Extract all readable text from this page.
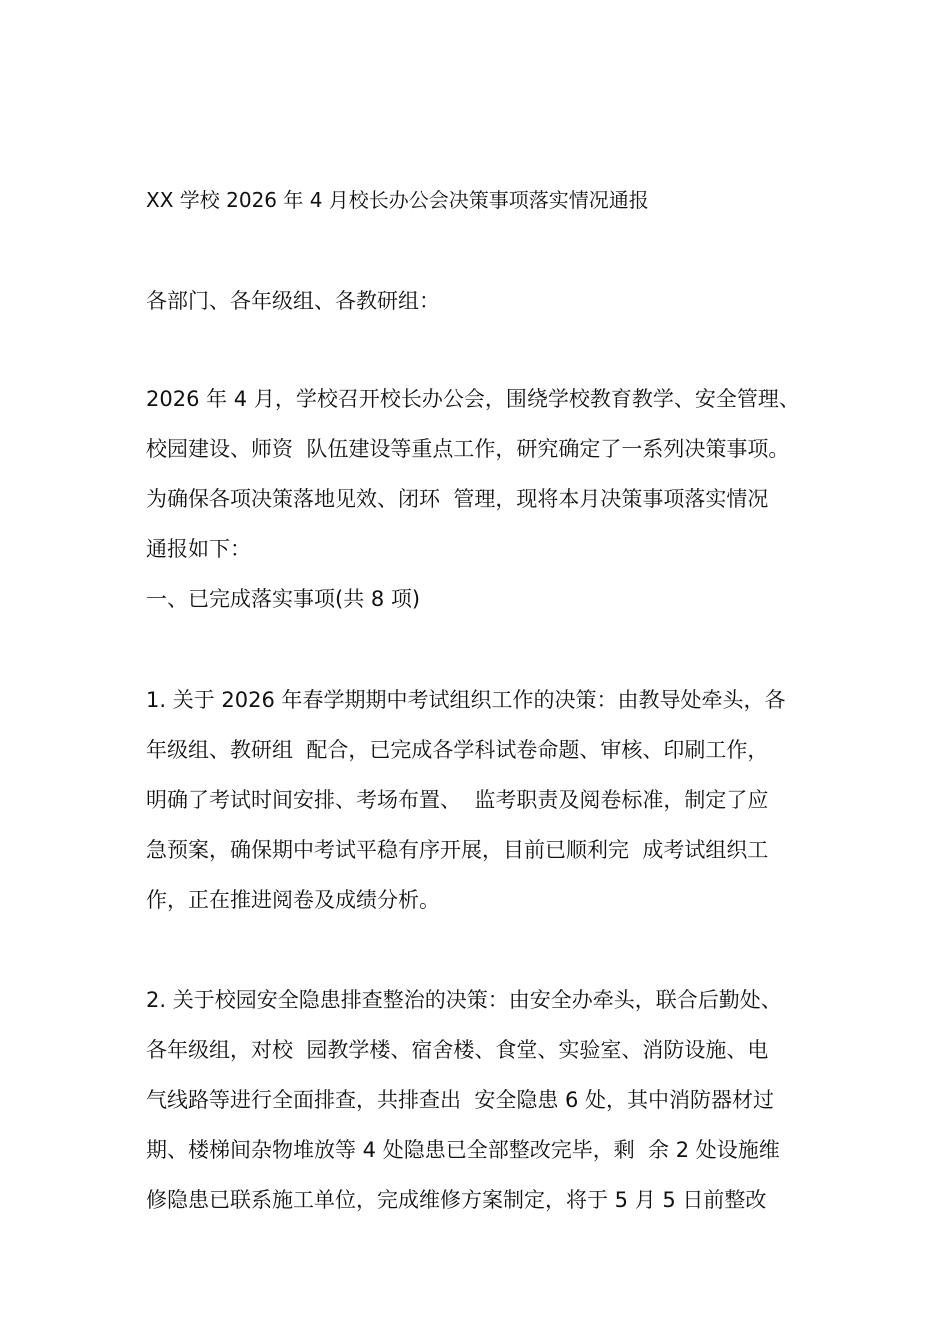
XX 学校 2026 年 4 月校长办公会决策事项落实情况通报
各部门、各年级组、各教研组：
2026 年 4 月，学校召开校长办公会，围绕学校教育教学、安全管理、
校园建设、师资  队伍建设等重点工作，研究确定了一系列决策事项。
为确保各项决策落地见效、闭环  管理，现将本月决策事项落实情况
通报如下：
一、已完成落实事项(共 8 项)
1. 关于 2026 年春学期期中考试组织工作的决策：由教导处牵头，各
年级组、教研组  配合，已完成各学科试卷命题、审核、印刷工作，
明确了考试时间安排、考场布置、  监考职责及阅卷标准，制定了应
急预案，确保期中考试平稳有序开展，目前已顺利完  成考试组织工
作，正在推进阅卷及成绩分析。
2. 关于校园安全隐患排查整治的决策：由安全办牵头，联合后勤处、
各年级组，对校  园教学楼、宿舍楼、食堂、实验室、消防设施、电
气线路等进行全面排查，共排查出  安全隐患 6 处，其中消防器材过
期、楼梯间杂物堆放等 4 处隐患已全部整改完毕，剩  余 2 处设施维
修隐患已联系施工单位，完成维修方案制定，将于 5 月 5 日前整改
